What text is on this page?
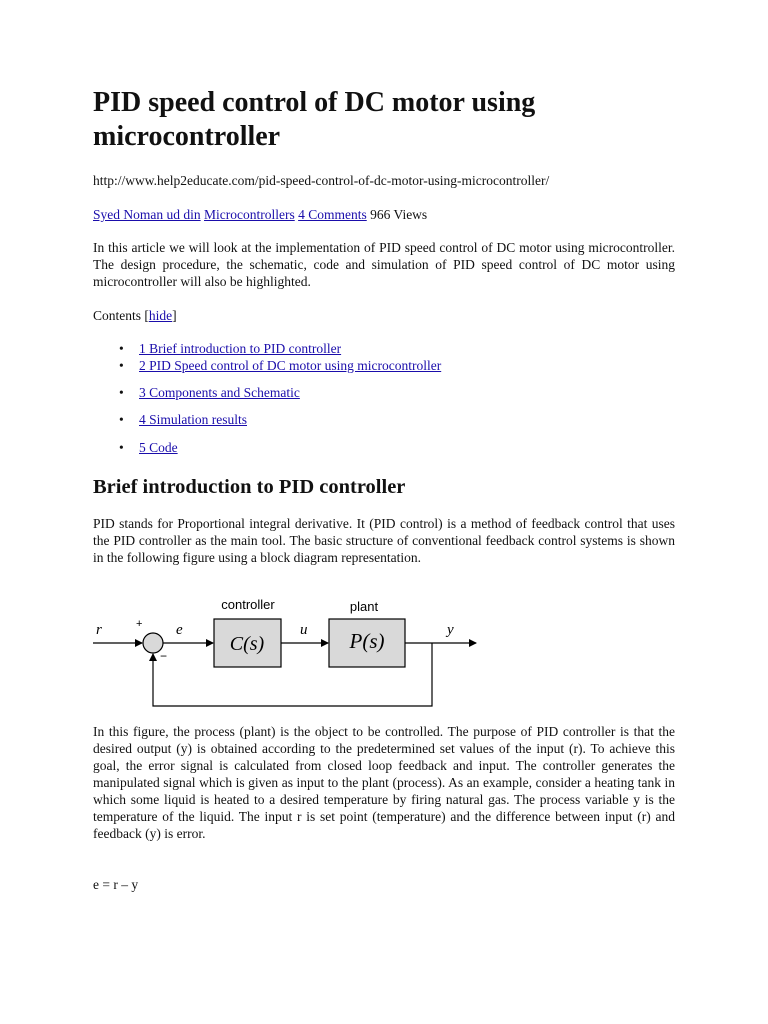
PID speed control of DC motor using microcontroller
http://www.help2educate.com/pid-speed-control-of-dc-motor-using-microcontroller/
Syed Noman ud din Microcontrollers 4 Comments 966 Views

In this article we will look at the implementation of PID speed control of DC motor using microcontroller. The design procedure, the schematic, code and simulation of PID speed control of DC motor using microcontroller will also be highlighted.

Contents [hide]
• 1 Brief introduction to PID controller
• 2 PID Speed control of DC motor using microcontroller
• 3 Components and Schematic
• 4 Simulation results
• 5 Code
Brief introduction to PID controller

PID stands for Proportional integral derivative. It (PID control) is a method of feedback control that uses the PID controller as the main tool. The basic structure of conventional feedback control systems is shown in the following figure using a block diagram representation.

controller	plant
r	+ e
−
u	y
C(s)	P(s)

In this figure, the process (plant) is the object to be controlled. The purpose of PID controller is that the desired output (y) is obtained according to the predetermined set values of the input (r). To achieve this goal, the error signal is calculated from closed loop feedback and input. The controller generates the manipulated signal which is given as input to the plant (process). As an example, consider a heating tank in which some liquid is heated to a desired temperature by firing natural gas. The process variable y is the temperature of the liquid. The input r is set point (temperature) and the difference between input (r) and feedback (y) is error.

e = r – y
